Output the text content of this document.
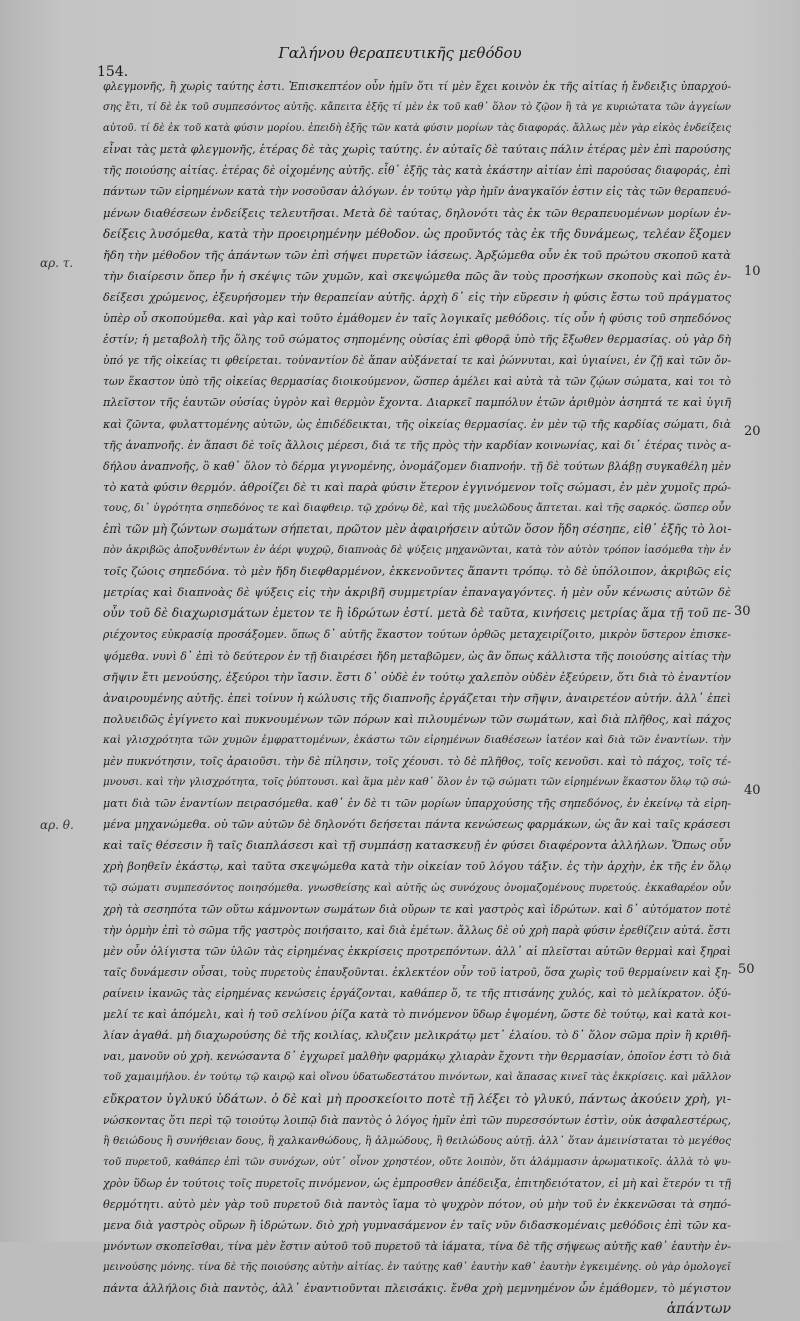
Γαλήνου θεραπευτικῆς μεθόδου
154.
φλεγμονῆς, ἢ χωρὶς ταύτης ἐστι. Ἐπισκεπτέον οὖν ἡμῖν ὅτι τί μὲν ἔχει κοινὸν ἐκ τῆς αἰτίας ἡ ἔνδειξις ὑπαρχού-
σης ἔτι, τί δὲ ἐκ τοῦ συμπεσόντος αὐτῆς. κἄπειτα ἑξῆς τί μὲν ἐκ τοῦ καθ᾽ ὅλον τὸ ζῷον ἢ τὰ γε κυριώτατα τῶν ἀγγείων
αὐτοῦ. τί δὲ ἐκ τοῦ κατὰ φύσιν μορίου. ἐπειδὴ ἑξῆς τῶν κατὰ φύσιν μορίων τὰς διαφοράς. ἄλλως μὲν γὰρ εἰκὸς ἐνδείξεις
εἶναι τὰς μετὰ φλεγμονῆς, ἑτέρας δὲ τὰς χωρὶς ταύτης. ἐν αὐταῖς δὲ ταύταις πάλιν ἑτέρας μὲν ἐπὶ παρούσης
τῆς ποιούσης αἰτίας. ἑτέρας δὲ οἰχομένης αὐτῆς. εἶθ᾽ ἑξῆς τὰς κατὰ ἑκάστην αἰτίαν ἐπὶ παρούσας διαφοράς, ἐπὶ
πάντων τῶν εἰρημένων κατὰ τὴν νοσοῦσαν ἀλόγων. ἐν τούτῳ γὰρ ἡμῖν ἀναγκαῖόν ἐστιν εἰς τὰς τῶν θεραπευό-
μένων διαθέσεων ἐνδείξεις τελευτῆσαι. Μετὰ δὲ ταύτας, δηλονότι τὰς ἐκ τῶν θεραπευομένων μορίων ἐν-
δείξεις λυσόμεθα, κατὰ τὴν προειρημένην μέθοδον. ὡς προῦντός τὰς ἐκ τῆς δυνάμεως, τελέαν ἕξομεν
ἤδη τὴν μέθοδον τῆς ἁπάντων τῶν ἐπὶ σήψει πυρετῶν ἰάσεως. Ἀρξώμεθα οὖν ἐκ τοῦ πρώτου σκοποῦ κατὰ
τὴν διαίρεσιν ὅπερ ἦν ἡ σκέψις τῶν χυμῶν, καὶ σκεψώμεθα πῶς ἂν τοὺς προσήκων σκοποὺς καὶ πῶς ἐν-
δείξεσι χρώμενος, ἐξευρήσομεν τὴν θεραπείαν αὐτῆς. ἀρχὴ δ᾽ εἰς τὴν εὕρεσιν ἡ φύσις ἔστω τοῦ πράγματος
ὑπὲρ οὗ σκοπούμεθα. καὶ γὰρ καὶ τοῦτο ἐμάθομεν ἐν ταῖς λογικαῖς μεθόδοις. τίς οὖν ἡ φύσις τοῦ σηπεδόνος
ἐστίν; ἡ μεταβολὴ τῆς ὅλης τοῦ σώματος σηπομένης οὐσίας ἐπὶ φθορᾷ ὑπὸ τῆς ἔξωθεν θερμασίας. οὐ γὰρ δὴ
ὑπό γε τῆς οἰκείας τι φθείρεται. τοὐναντίον δὲ ἅπαν αὐξάνεταί τε καὶ ῥώννυται, καὶ ὑγιαίνει, ἐν ζῇ καὶ τῶν ὄν-
των ἕκαστον ὑπὸ τῆς οἰκείας θερμασίας διοικούμενον, ὥσπερ ἀμέλει καὶ αὐτὰ τὰ τῶν ζῴων σώματα, καὶ τοι τὸ
πλεῖστον τῆς ἑαυτῶν οὐσίας ὑγρὸν καὶ θερμὸν ἔχοντα. Διαρκεῖ παμπόλυν ἐτῶν ἀριθμὸν ἀσηπτά τε καὶ ὑγιῆ
καὶ ζῶντα, φυλαττομένης αὐτῶν, ὡς ἐπιδέδεικται, τῆς οἰκείας θερμασίας. ἐν μὲν τῷ τῆς καρδίας σώματι, διὰ
τῆς ἀναπνοῆς. ἐν ἅπασι δὲ τοῖς ἄλλοις μέρεσι, διά τε τῆς πρὸς τὴν καρδίαν κοινωνίας, καὶ δι᾽ ἑτέρας τινὸς α-
δήλου ἀναπνοῆς, ὃ καθ᾽ ὅλον τὸ δέρμα γιγνομένης, ὀνομάζομεν διαπνοήν. τῇ δὲ τούτων βλάβῃ συγκαθέλη μὲν
τὸ κατὰ φύσιν θερμόν. ἀθροίζει δὲ τι καὶ παρὰ φύσιν ἕτερον ἐγγινόμενον τοῖς σώμασι, ἐν μὲν χυμοῖς πρώ-
τους, δι᾽ ὑγρότητα σηπεδόνος τε καὶ διαφθειρ. τῷ χρόνῳ δὲ, καὶ τῆς μυελῶδους ἄπτεται. καὶ τῆς σαρκός. ὥσπερ οὖν
ἐπὶ τῶν μὴ ζώντων σωμάτων σήπεται, πρῶτον μὲν ἀφαιρήσειν αὐτῶν ὅσον ἤδη σέσηπε, εἰθ᾽ ἑξῆς τὸ λοι-
πὸν ἀκριβῶς ἀποξυνθέντων ἐν ἀέρι ψυχρῷ, διαπνοὰς δὲ ψύξεις μηχανῶνται, κατὰ τὸν αὐτὸν τρόπον ἰασόμεθα τὴν ἐν
τοῖς ζώοις σηπεδόνα. τὸ μὲν ἤδη διεφθαρμένον, ἐκκενοῦντες ἅπαντι τρόπῳ. τὸ δὲ ὑπόλοιπον, ἀκριβῶς εἰς
μετρίας καὶ διαπνοὰς δὲ ψύξεις εἰς τὴν ἀκριβῆ συμμετρίαν ἐπαναγαγόντες. ἡ μὲν οὖν κένωσις αὐτῶν δὲ
οὖν τοῦ δὲ διαχωρισμάτων ἐμετον τε ἢ ἱδρώτων ἐστί. μετὰ δὲ ταῦτα, κινήσεις μετρίας ἅμα τῇ τοῦ πε-
ριέχοντος εὐκρασίᾳ προσάξομεν. ὅπως δ᾽ αὐτῆς ἕκαστον τούτων ὀρθῶς μεταχειρίζοιτο, μικρὸν ὕστερον ἐπισκε-
ψόμεθα. νυνὶ δ᾽ ἐπὶ τὸ δεύτερον ἐν τῇ διαιρέσει ἤδη μεταβῶμεν, ὡς ἂν ὅπως κάλλιστα τῆς ποιούσης αἰτίας τὴν
σῆψιν ἔτι μενούσης, ἐξεύροι τὴν ἴασιν. ἔστι δ᾽ οὐδὲ ἐν τούτῳ χαλεπὸν οὐδὲν ἐξεύρειν, ὅτι διὰ τὸ ἐναντίον
ἀναιρουμένης αὐτῆς. ἐπεὶ τοίνυν ἡ κώλυσις τῆς διαπνοῆς ἐργάζεται τὴν σῆψιν, ἀναιρετέον αὐτήν. ἀλλ᾽ ἐπεὶ
πολυειδῶς ἐγίγνετο καὶ πυκνουμένων τῶν πόρων καὶ πιλουμένων τῶν σωμάτων, καὶ διὰ πλῆθος, καὶ πάχος
καὶ γλισχρότητα τῶν χυμῶν ἐμφραττομένων, ἑκάστω τῶν εἰρημένων διαθέσεων ἰατέον καὶ διὰ τῶν ἐναντίων. τὴν
μὲν πυκνότησιν, τοῖς ἀραιοῦσι. τὴν δὲ πίλησιν, τοῖς χέουσι. τὸ δὲ πλῆθος, τοῖς κενοῦσι. καὶ τὸ πάχος, τοῖς τέ-
μνουσι. καὶ τὴν γλισχρότητα, τοῖς ῥύπτουσι. καὶ ἅμα μὲν καθ᾽ ὅλον ἐν τῷ σώματι τῶν εἰρημένων ἕκαστον ὅλῳ τῷ σώ-
ματι διὰ τῶν ἐναντίων πειρασόμεθα. καθ᾽ ἐν δὲ τι τῶν μορίων ὑπαρχούσης τῆς σηπεδόνος, ἐν ἐκείνῳ τὰ εἰρη-
μένα μηχανώμεθα. οὐ τῶν αὐτῶν δὲ δηλονότι δεήσεται πάντα κενώσεως φαρμάκων, ὡς ἂν καὶ ταῖς κράσεσι
καὶ ταῖς θέσεσιν ἢ ταῖς διαπλάσεσι καὶ τῇ συμπάσῃ κατασκευῇ ἐν φύσει διαφέροντα ἀλλήλων. Ὅπως οὖν
χρὴ βοηθεῖν ἑκάστῳ, καὶ ταῦτα σκεψώμεθα κατὰ τὴν οἰκείαν τοῦ λόγου τάξιν. ἐς τὴν ἀρχὴν, ἐκ τῆς ἐν ὅλῳ
τῷ σώματι συμπεσόντος ποιησόμεθα. γνωσθείσης καὶ αὐτῆς ὡς συνόχους ὀνομαζομένους πυρετούς. ἐκκαθαρέον οὖν
χρὴ τὰ σεσηπότα τῶν οὕτω κάμνοντων σωμάτων διὰ οὔρων τε καὶ γαστρὸς καὶ ἱδρώτων. καὶ δ᾽ αὐτόματον ποτὲ
τὴν ὁρμὴν ἐπὶ τὸ σῶμα τῆς γαστρὸς ποιήσαιτο, καὶ διὰ ἐμέτων. ἄλλως δὲ οὐ χρὴ παρὰ φύσιν ἐρεθίζειν αὐτά. ἔστι
μὲν οὖν ὀλίγιστα τῶν ὑλῶν τὰς εἰρημένας ἐκκρίσεις προτρεπόντων. ἀλλ᾽ αἱ πλεῖσται αὐτῶν θερμαὶ καὶ ξηραὶ
ταῖς δυνάμεσιν οὖσαι, τοὺς πυρετοὺς ἐπαυξοῦνται. ἐκλεκτέον οὖν τοῦ ἰατροῦ, ὅσα χωρὶς τοῦ θερμαίνειν καὶ ξη-
ραίνειν ἱκανῶς τὰς εἰρημένας κενώσεις ἐργάζονται, καθάπερ ὅ, τε τῆς πτισάνης χυλός, καὶ τὸ μελίκρατον. ὀξύ-
μελί τε καὶ ἀπόμελι, καὶ ἡ τοῦ σελίνου ῥίζα κατὰ τὸ πινόμενον ὕδωρ ἑψομένη, ὥστε δὲ τούτῳ, καὶ κατὰ κοι-
λίαν ἀγαθά. μὴ διαχωρούσης δὲ τῆς κοιλίας, κλυζειν μελικράτῳ μετ᾽ ἐλαίου. τὸ δ᾽ ὅλον σῶμα πρὶν ἢ κριθῆ-
ναι, μανοῦν οὐ χρὴ. κενώσαντα δ᾽ ἐγχωρεῖ μαλθὴν φαρμάκῳ χλιαρὰν ἔχοντι τὴν θερμασίαν, ὁποῖον ἐστι τὸ διὰ
τοῦ χαμαιμήλου. ἐν τούτῳ τῷ καιρῷ καὶ οἴνου ὑδατωδεστάτου πινόντων, καὶ ἅπασας κινεῖ τὰς ἐκκρίσεις. καὶ μᾶλλον
εὔκρατον ὑγλυκύ ὑδάτων. ὁ δὲ καὶ μὴ προσκείοιτο ποτὲ τῇ λέξει τὸ γλυκύ, πάντως ἀκούειν χρὴ, γι-
νώσκοντας ὅτι περὶ τῷ τοιούτῳ λοιπῷ διὰ παντὸς ὁ λόγος ἡμῖν ἐπὶ τῶν πυρεσσόντων ἐστὶν, οὐκ ἀσφαλεστέρως,
ἢ θειώδους ἢ συνήθειαν δους, ἢ χαλκανθώδους, ἢ ἀλμώδους, ἢ θειλώδους αὐτῇ. ἀλλ᾽ ὅταν ἀμεινίσταται τὸ μεγέθος
τοῦ πυρετοῦ, καθάπερ ἐπὶ τῶν συνόχων, οὐτ᾽ οἶνον χρηστέον, οὔτε λοιπὸν, ὅτι ἀλάμμασιν ἀρωματικοῖς. ἀλλὰ τὸ ψυ-
χρὸν ὕδωρ ἐν τούτοις τοῖς πυρετοῖς πινόμενον, ὡς ἐμπροσθεν ἀπέδειξα, ἐπιτηδειότατον, εἰ μὴ καὶ ἕτερόν τι τῇ
θερμότητι. αὐτὸ μὲν γὰρ τοῦ πυρετοῦ διὰ παντὸς ἴαμα τὸ ψυχρὸν πότον, οὐ μὴν τοῦ ἐν ἐκκενῶσαι τὰ σηπό-
μενα διὰ γαστρὸς οὔρων ἢ ἱδρώτων. διὸ χρὴ γυμνασάμενον ἐν ταῖς νῦν διδασκομέναις μεθόδοις ἐπὶ τῶν κα-
μνόντων σκοπεῖσθαι, τίνα μὲν ἔστιν αὐτοῦ τοῦ πυρετοῦ τὰ ἰάματα, τίνα δὲ τῆς σήψεως αὐτῆς καθ᾽ ἑαυτὴν ἐν-
μεινούσης μόνης. τίνα δὲ τῆς ποιούσης αὐτὴν αἰτίας. ἐν ταύτῃς καθ᾽ ἑαυτὴν καθ᾽ ἑαυτὴν ἐγκειμένης. οὐ γὰρ ὁμολογεῖ
πάντα ἀλλήλοις διὰ παντὸς, ἀλλ᾽ ἐναντιοῦνται πλεισάκις. ἔνθα χρὴ μεμνημένον ὧν ἐμάθομεν, τὸ μέγιστον
ἁπάντων
αρ. τ.
αρ. θ.
10
20
30
40
50
